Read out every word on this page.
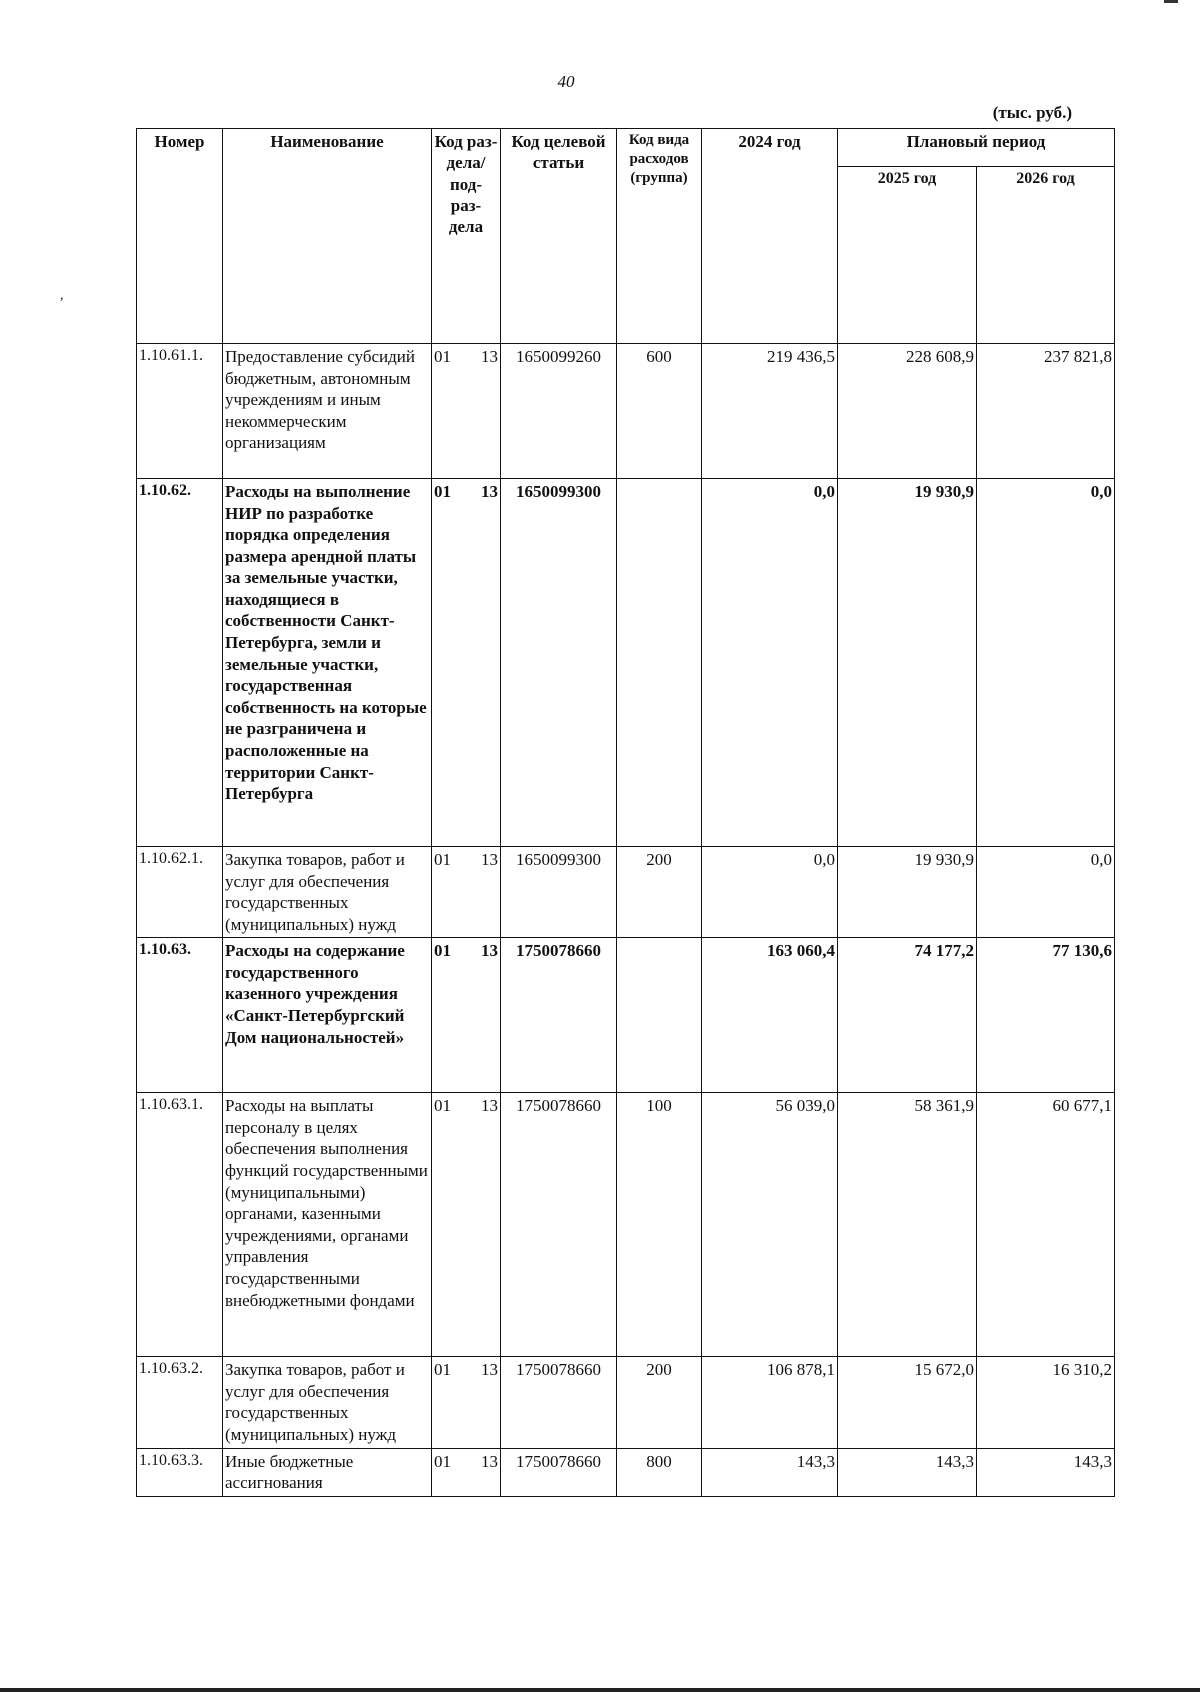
,
40
(тыс. руб.)
Номер	Наименование	Код раз- дела/ под- раз- дела	Код целевой статьи	Код вида расходов (группа)	2024 год	Плановый период	
						2025 год	2026 год
1.10.61.1.	Предоставление субсидий бюджетным, автономным учреждениям и иным некоммерческим организациям	01 13	1650099260	600	219 436,5	228 608,9	237 821,8
1.10.62.	Расходы на выполнение НИР по разработке порядка определения размера арендной платы за земельные участки, находящиеся в собственности Санкт-Петербурга, земли и земельные участки, государственная собственность на которые не разграничена и расположенные на территории Санкт-Петербурга	01 13	1650099300		0,0	19 930,9	0,0
1.10.62.1.	Закупка товаров, работ и услуг для обеспечения государственных (муниципальных) нужд	01 13	1650099300	200	0,0	19 930,9	0,0
1.10.63.	Расходы на содержание государственного казенного учреждения «Санкт-Петербургский Дом национальностей»	01 13	1750078660		163 060,4	74 177,2	77 130,6
1.10.63.1.	Расходы на выплаты персоналу в целях обеспечения выполнения функций государственными (муниципальными) органами, казенными учреждениями, органами управления государственными внебюджетными фондами	01 13	1750078660	100	56 039,0	58 361,9	60 677,1
1.10.63.2.	Закупка товаров, работ и услуг для обеспечения государственных (муниципальных) нужд	01 13	1750078660	200	106 878,1	15 672,0	16 310,2
1.10.63.3.	Иные бюджетные ассигнования	01 13	1750078660	800	143,3	143,3	143,3
